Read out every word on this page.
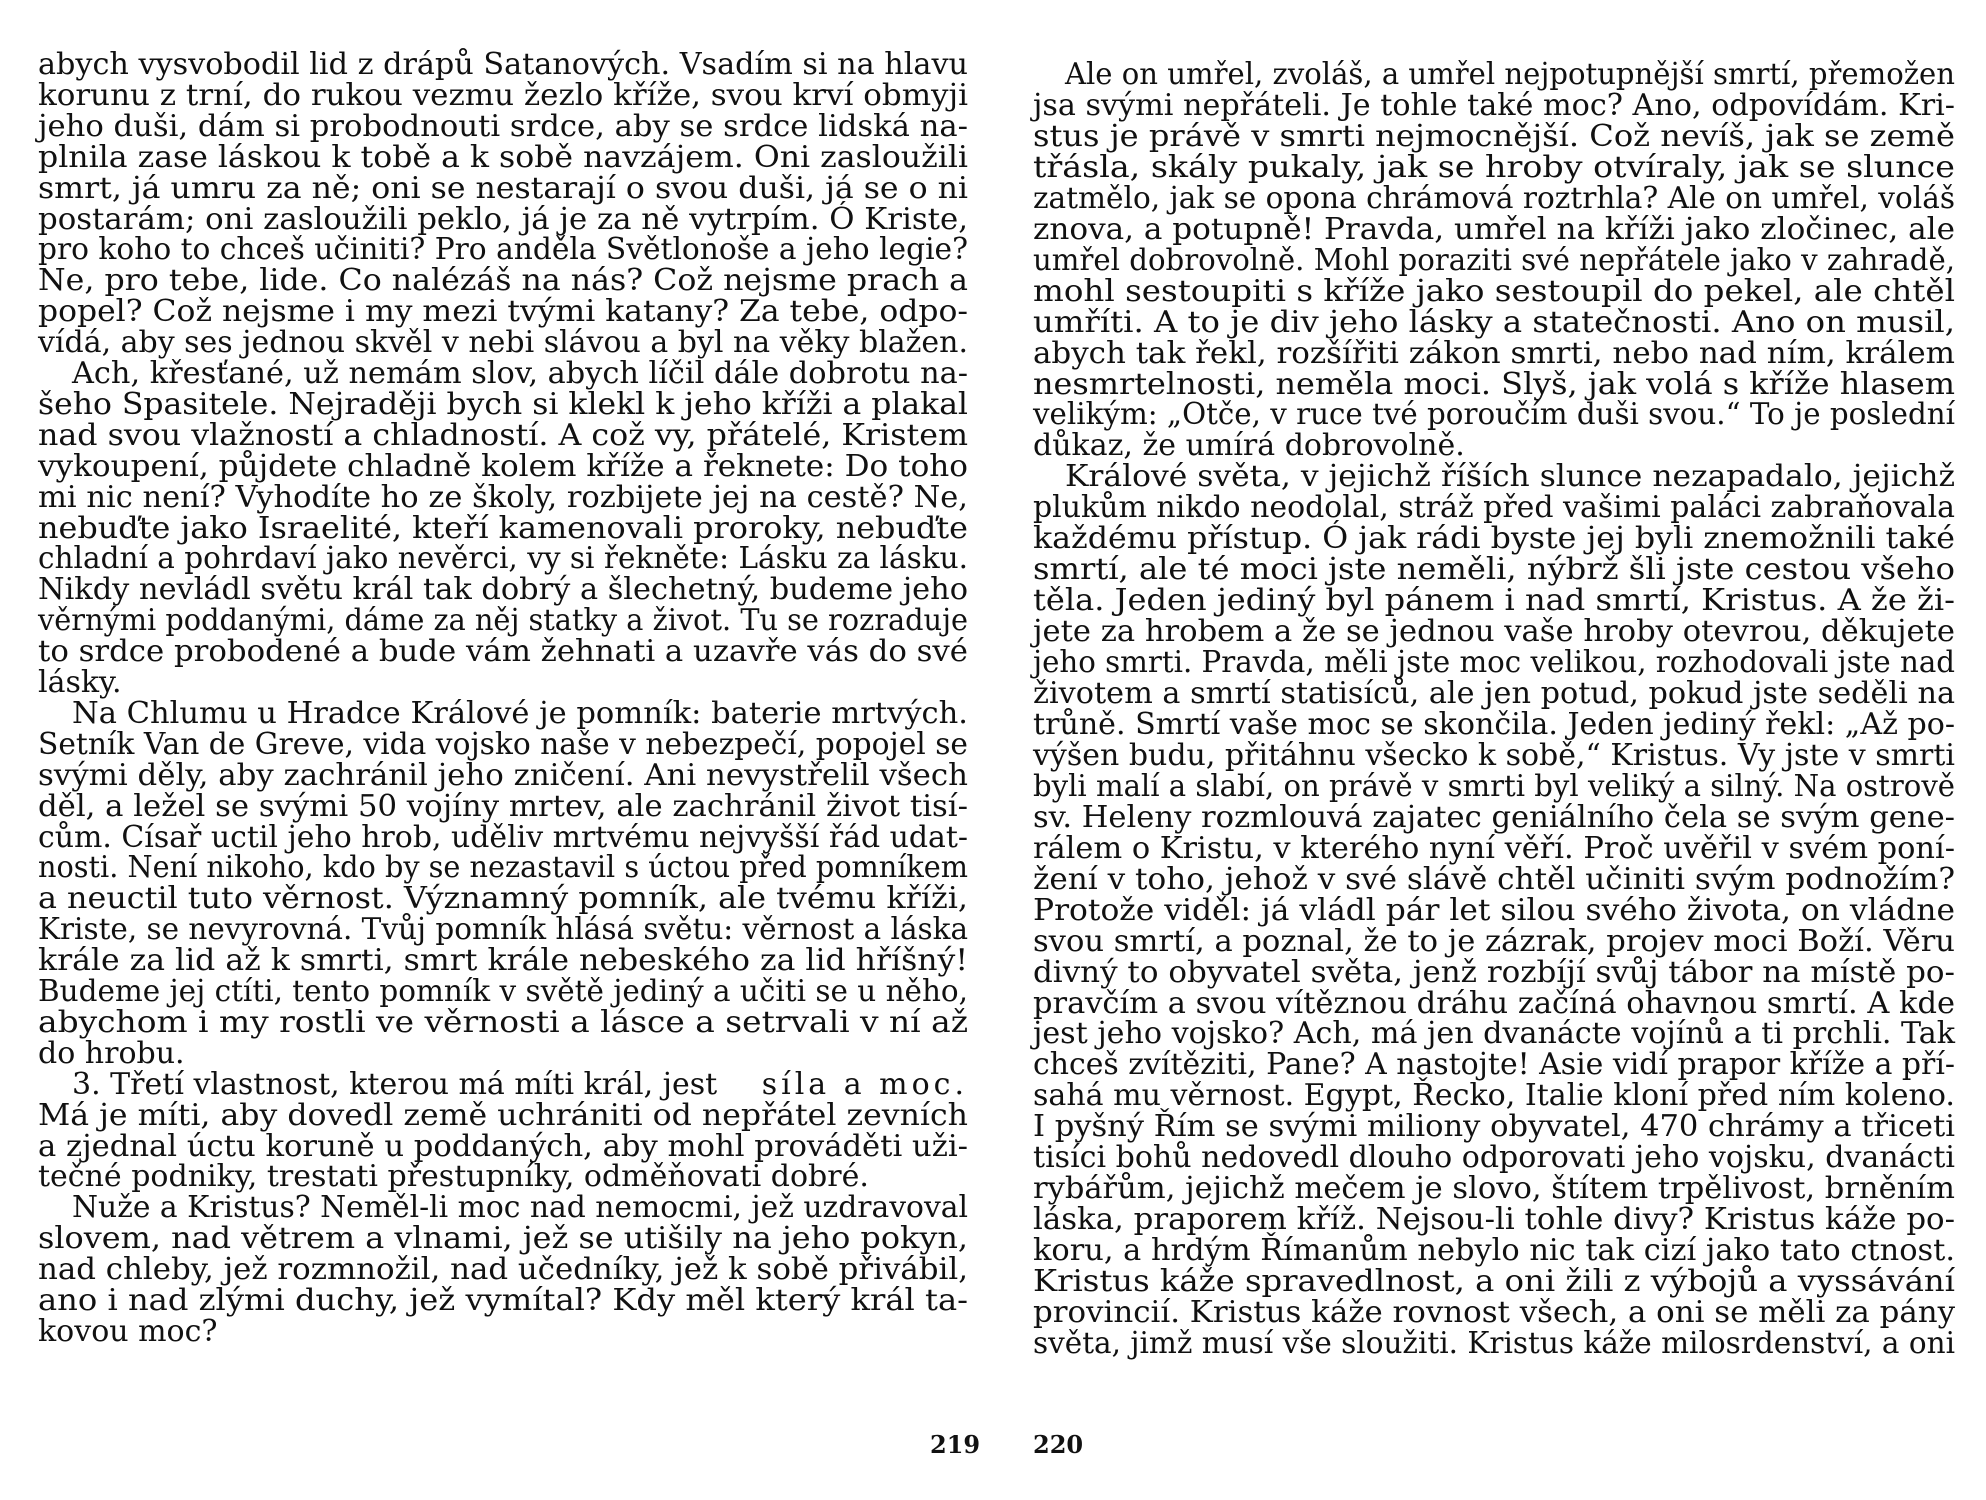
219
abych vysvobodil lid z drápů Satanových. Vsadím si na hlavu
korunu z trní, do rukou vezmu žezlo kříže, svou krví obmyji
jeho duši, dám si probodnouti srdce, aby se srdce lidská na-
plnila zase láskou k tobě a k sobě navzájem. Oni zasloužili
smrt, já umru za ně; oni se nestarají o svou duši, já se o ni
postarám; oni zasloužili peklo, já je za ně vytrpím. Ó Kriste,
pro koho to chceš učiniti? Pro anděla Světlonoše a jeho legie?
Ne, pro tebe, lide. Co nalézáš na nás? Což nejsme prach a
popel? Což nejsme i my mezi tvými katany? Za tebe, odpo-
vídá, aby ses jednou skvěl v nebi slávou a byl na věky blažen.
Ach, křesťané, už nemám slov, abych líčil dále dobrotu na-
šeho Spasitele. Nejraději bych si klekl k jeho kříži a plakal
nad svou vlažností a chladností. A což vy, přátelé, Kristem
vykoupení, půjdete chladně kolem kříže a řeknete: Do toho
mi nic není? Vyhodíte ho ze školy, rozbijete jej na cestě? Ne,
nebuďte jako Israelité, kteří kamenovali proroky, nebuďte
chladní a pohrdaví jako nevěrci, vy si řekněte: Lásku za lásku.
Nikdy nevládl světu král tak dobrý a šlechetný, budeme jeho
věrnými poddanými, dáme za něj statky a život. Tu se rozraduje
to srdce probodené a bude vám žehnati a uzavře vás do své
lásky.
Na Chlumu u Hradce Králové je pomník: baterie mrtvých.
Setník Van de Greve, vida vojsko naše v nebezpečí, popojel se
svými děly, aby zachránil jeho zničení. Ani nevystřelil všech
děl, a ležel se svými 50 vojíny mrtev, ale zachránil život tisí-
cům. Císař uctil jeho hrob, uděliv mrtvému nejvyšší řád udat-
nosti. Není nikoho, kdo by se nezastavil s úctou před pomníkem
a neuctil tuto věrnost. Významný pomník, ale tvému kříži,
Kriste, se nevyrovná. Tvůj pomník hlásá světu: věrnost a láska
krále za lid až k smrti, smrt krále nebeského za lid hříšný!
Budeme jej ctíti, tento pomník v světě jediný a učiti se u něho,
abychom i my rostli ve věrnosti a lásce a setrvali v ní až
do hrobu.
3. Třetí vlastnost, kterou má míti král, jest síla a moc.
Má je míti, aby dovedl země uchrániti od nepřátel zevních
a zjednal úctu koruně u poddaných, aby mohl prováděti uži-
tečné podniky, trestati přestupníky, odměňovati dobré.
Nuže a Kristus? Neměl-li moc nad nemocmi, jež uzdravoval
slovem, nad větrem a vlnami, jež se utišily na jeho pokyn,
nad chleby, jež rozmnožil, nad učedníky, jež k sobě přivábil,
ano i nad zlými duchy, jež vymítal? Kdy měl který král ta-
kovou moc?
220
Ale on umřel, zvoláš, a umřel nejpotupnější smrtí, přemožen
jsa svými nepřáteli. Je tohle také moc? Ano, odpovídám. Kri-
stus je právě v smrti nejmocnější. Což nevíš, jak se země
třásla, skály pukaly, jak se hroby otvíraly, jak se slunce
zatmělo, jak se opona chrámová roztrhla? Ale on umřel, voláš
znova, a potupně! Pravda, umřel na kříži jako zločinec, ale
umřel dobrovolně. Mohl poraziti své nepřátele jako v zahradě,
mohl sestoupiti s kříže jako sestoupil do pekel, ale chtěl
umříti. A to je div jeho lásky a statečnosti. Ano on musil,
abych tak řekl, rozšířiti zákon smrti, nebo nad ním, králem
nesmrtelnosti, neměla moci. Slyš, jak volá s kříže hlasem
velikým: „Otče, v ruce tvé poroučím duši svou.“ To je poslední
důkaz, že umírá dobrovolně.
Králové světa, v jejichž říších slunce nezapadalo, jejichž
plukům nikdo neodolal, stráž před vašimi paláci zabraňovala
každému přístup. Ó jak rádi byste jej byli znemožnili také
smrtí, ale té moci jste neměli, nýbrž šli jste cestou všeho
těla. Jeden jediný byl pánem i nad smrtí, Kristus. A že ži-
jete za hrobem a že se jednou vaše hroby otevrou, děkujete
jeho smrti. Pravda, měli jste moc velikou, rozhodovali jste nad
životem a smrtí statisíců, ale jen potud, pokud jste seděli na
trůně. Smrtí vaše moc se skončila. Jeden jediný řekl: „Až po-
výšen budu, přitáhnu všecko k sobě,“ Kristus. Vy jste v smrti
byli malí a slabí, on právě v smrti byl veliký a silný. Na ostrově
sv. Heleny rozmlouvá zajatec geniálního čela se svým gene-
rálem o Kristu, v kterého nyní věří. Proč uvěřil v svém poní-
žení v toho, jehož v své slávě chtěl učiniti svým podnožím?
Protože viděl: já vládl pár let silou svého života, on vládne
svou smrtí, a poznal, že to je zázrak, projev moci Boží. Věru
divný to obyvatel světa, jenž rozbíjí svůj tábor na místě po-
pravčím a svou vítěznou dráhu začíná ohavnou smrtí. A kde
jest jeho vojsko? Ach, má jen dvanácte vojínů a ti prchli. Tak
chceš zvítěziti, Pane? A nastojte! Asie vidí prapor kříže a pří-
sahá mu věrnost. Egypt, Řecko, Italie kloní před ním koleno.
I pyšný Řím se svými miliony obyvatel, 470 chrámy a třiceti
tisíci bohů nedovedl dlouho odporovati jeho vojsku, dvanácti
rybářům, jejichž mečem je slovo, štítem trpělivost, brněním
láska, praporem kříž. Nejsou-li tohle divy? Kristus káže po-
koru, a hrdým Římanům nebylo nic tak cizí jako tato ctnost.
Kristus káže spravedlnost, a oni žili z výbojů a vyssávání
provincií. Kristus káže rovnost všech, a oni se měli za pány
světa, jimž musí vše sloužiti. Kristus káže milosrdenství, a oni
